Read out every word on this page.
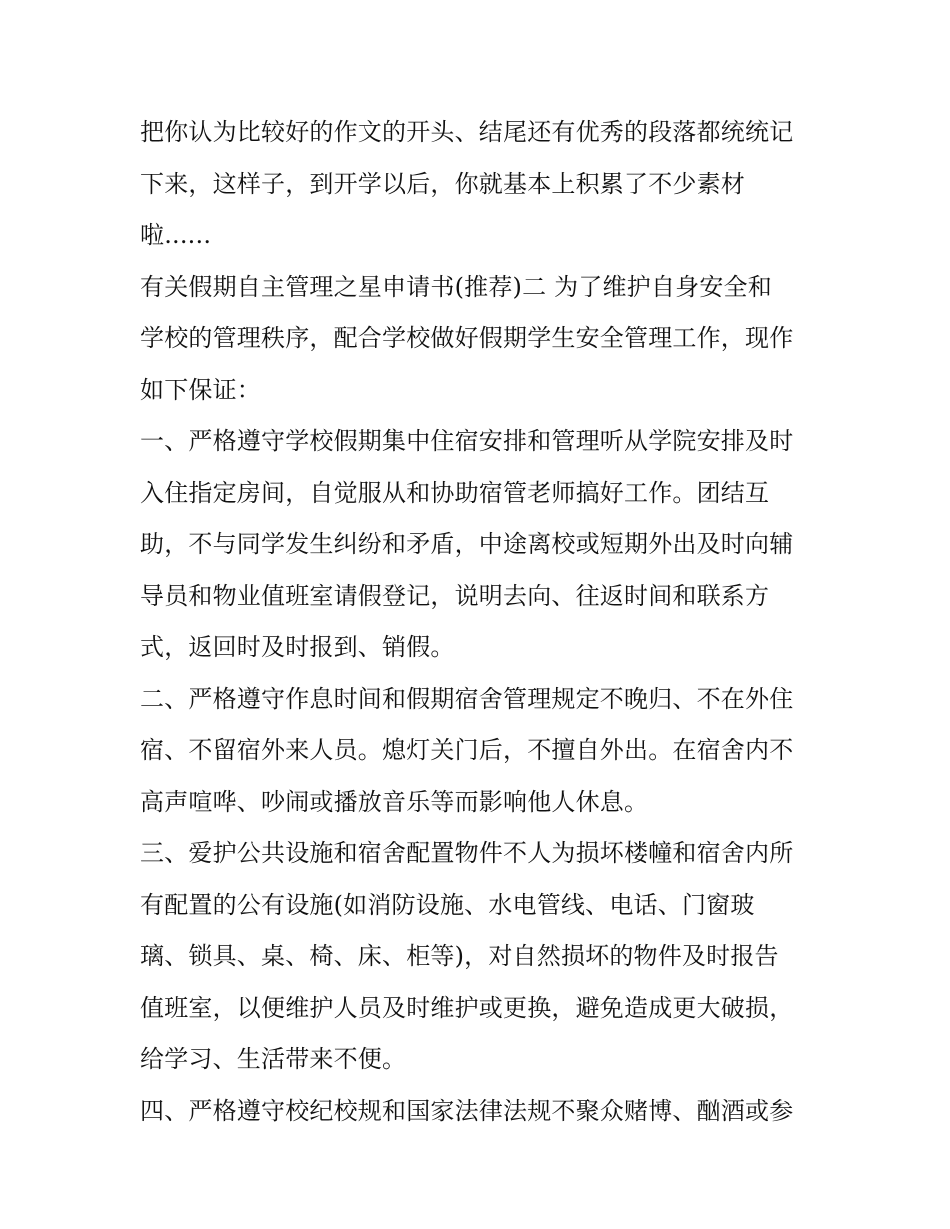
把你认为比较好的作文的开头、结尾还有优秀的段落都统统记
下来，这样子，到开学以后，你就基本上积累了不少素材
啦......
有关假期自主管理之星申请书(推荐)二 为了维护自身安全和
学校的管理秩序，配合学校做好假期学生安全管理工作，现作
如下保证：
一、严格遵守学校假期集中住宿安排和管理听从学院安排及时
入住指定房间，自觉服从和协助宿管老师搞好工作。团结互
助，不与同学发生纠纷和矛盾，中途离校或短期外出及时向辅
导员和物业值班室请假登记，说明去向、往返时间和联系方
式，返回时及时报到、销假。
二、严格遵守作息时间和假期宿舍管理规定不晚归、不在外住
宿、不留宿外来人员。熄灯关门后，不擅自外出。在宿舍内不
高声喧哗、吵闹或播放音乐等而影响他人休息。
三、爱护公共设施和宿舍配置物件不人为损坏楼幢和宿舍内所
有配置的公有设施(如消防设施、水电管线、电话、门窗玻
璃、锁具、桌、椅、床、柜等)，对自然损坏的物件及时报告
值班室，以便维护人员及时维护或更换，避免造成更大破损，
给学习、生活带来不便。
四、严格遵守校纪校规和国家法律法规不聚众赌博、酗酒或参
